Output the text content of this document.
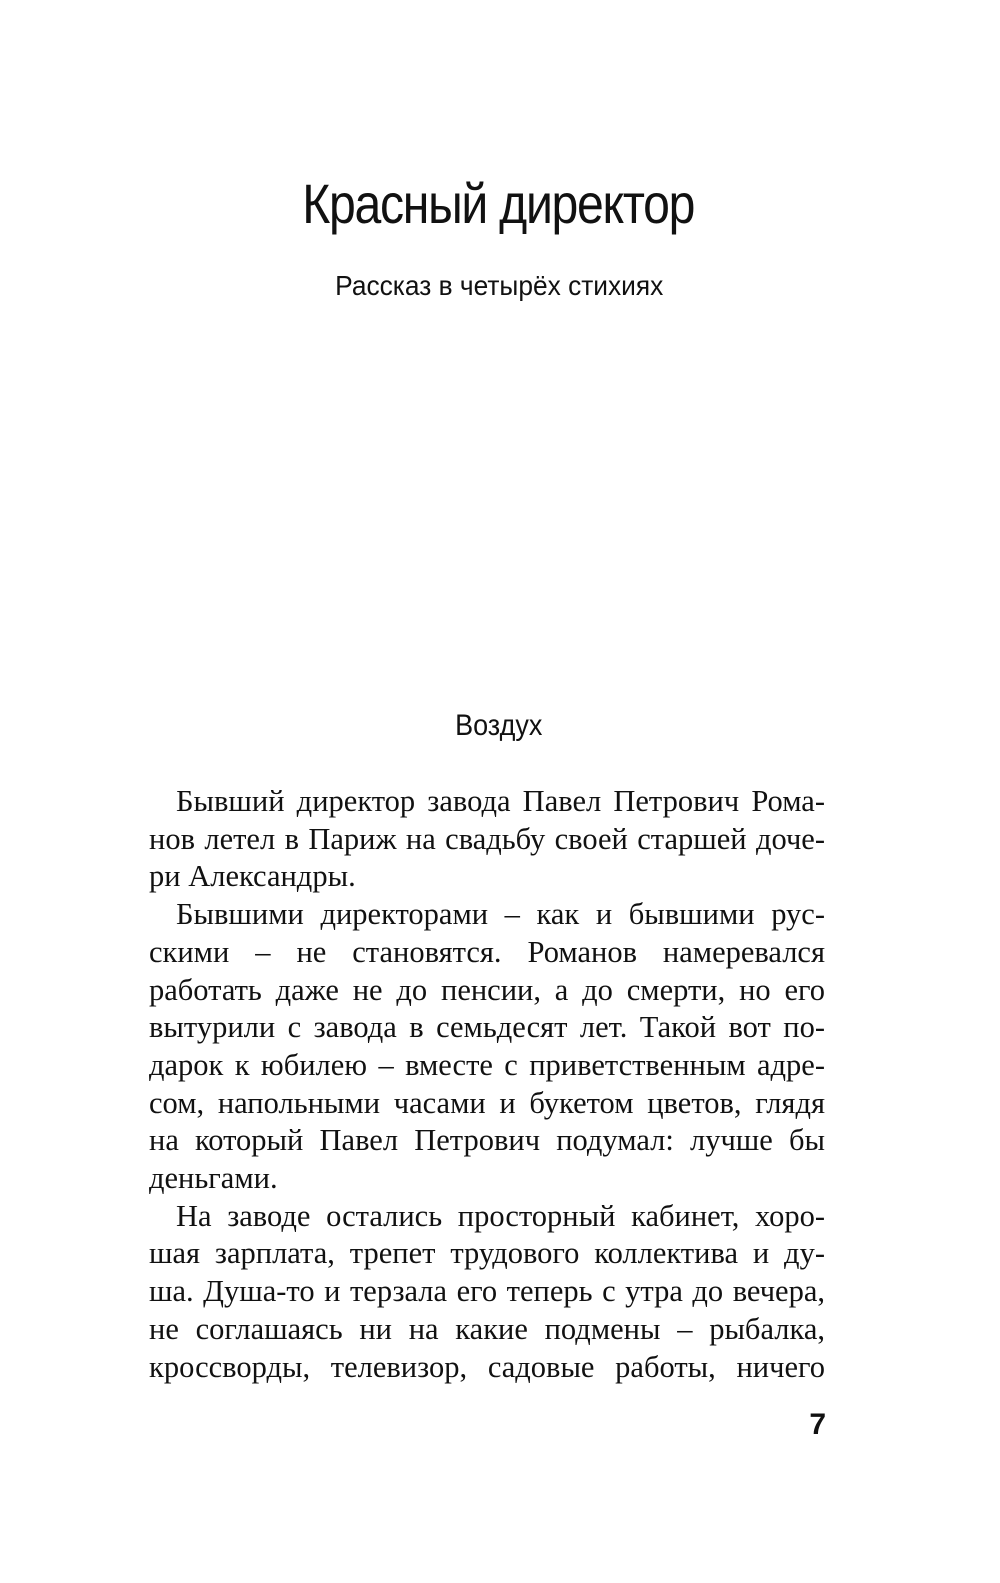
Красный директор
Рассказ в четырёх стихиях
Воздух

Бывший директор завода Павел Петрович Рома-
нов летел в Париж на свадьбу своей старшей доче-
ри Александры.

Бывшими директорами – как и бывшими рус-
скими – не становятся. Романов намеревался
работать даже не до пенсии, а до смерти, но его
вытурили с завода в семьдесят лет. Такой вот по-
дарок к юбилею – вместе с приветственным адре-
сом, напольными часами и букетом цветов, глядя
на который Павел Петрович подумал: лучше бы
деньгами.

На заводе остались просторный кабинет, хоро-
шая зарплата, трепет трудового коллектива и ду-
ша. Душа-то и терзала его теперь с утра до вечера,
не соглашаясь ни на какие подмены – рыбалка,
кроссворды, телевизор, садовые работы, ничего

7
